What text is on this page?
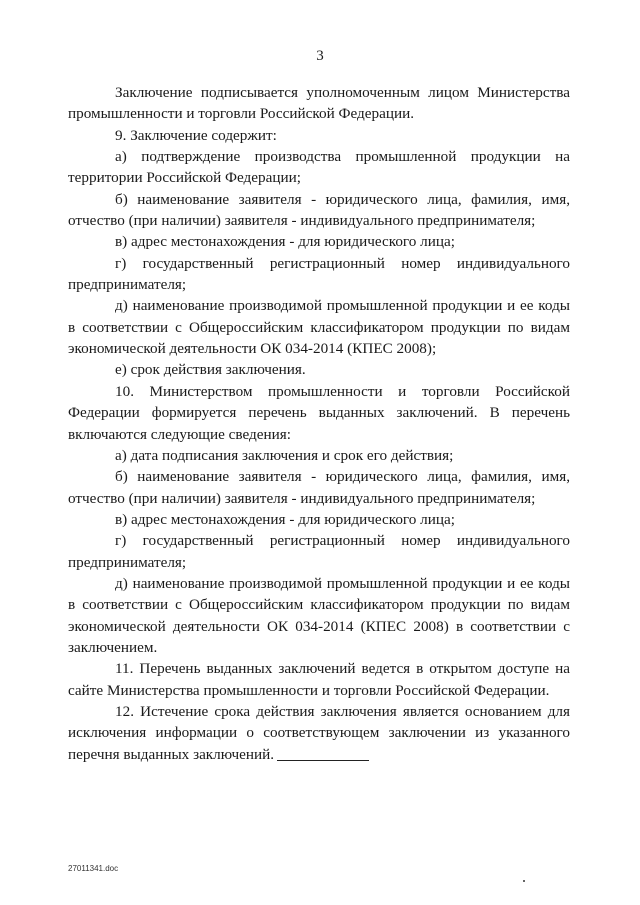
3

Заключение подписывается уполномоченным лицом Министерства промышленности и торговли Российской Федерации.

9. Заключение содержит:

а) подтверждение производства промышленной продукции на территории Российской Федерации;

б) наименование заявителя - юридического лица, фамилия, имя, отчество (при наличии) заявителя - индивидуального предпринимателя;

в) адрес местонахождения - для юридического лица;

г) государственный регистрационный номер индивидуального предпринимателя;

д) наименование производимой промышленной продукции и ее коды в соответствии с Общероссийским классификатором продукции по видам экономической деятельности ОК 034-2014 (КПЕС 2008);

е) срок действия заключения.

10. Министерством промышленности и торговли Российской Федерации формируется перечень выданных заключений. В перечень включаются следующие сведения:

а) дата подписания заключения и срок его действия;

б) наименование заявителя - юридического лица, фамилия, имя, отчество (при наличии) заявителя - индивидуального предпринимателя;

в) адрес местонахождения - для юридического лица;

г) государственный регистрационный номер индивидуального предпринимателя;

д) наименование производимой промышленной продукции и ее коды в соответствии с Общероссийским классификатором продукции по видам экономической деятельности ОК 034-2014 (КПЕС 2008) в соответствии с заключением.

11. Перечень выданных заключений ведется в открытом доступе на сайте Министерства промышленности и торговли Российской Федерации.

12. Истечение срока действия заключения является основанием для исключения информации о соответствующем заключении из указанного перечня выданных заключений.

27011341.doc
